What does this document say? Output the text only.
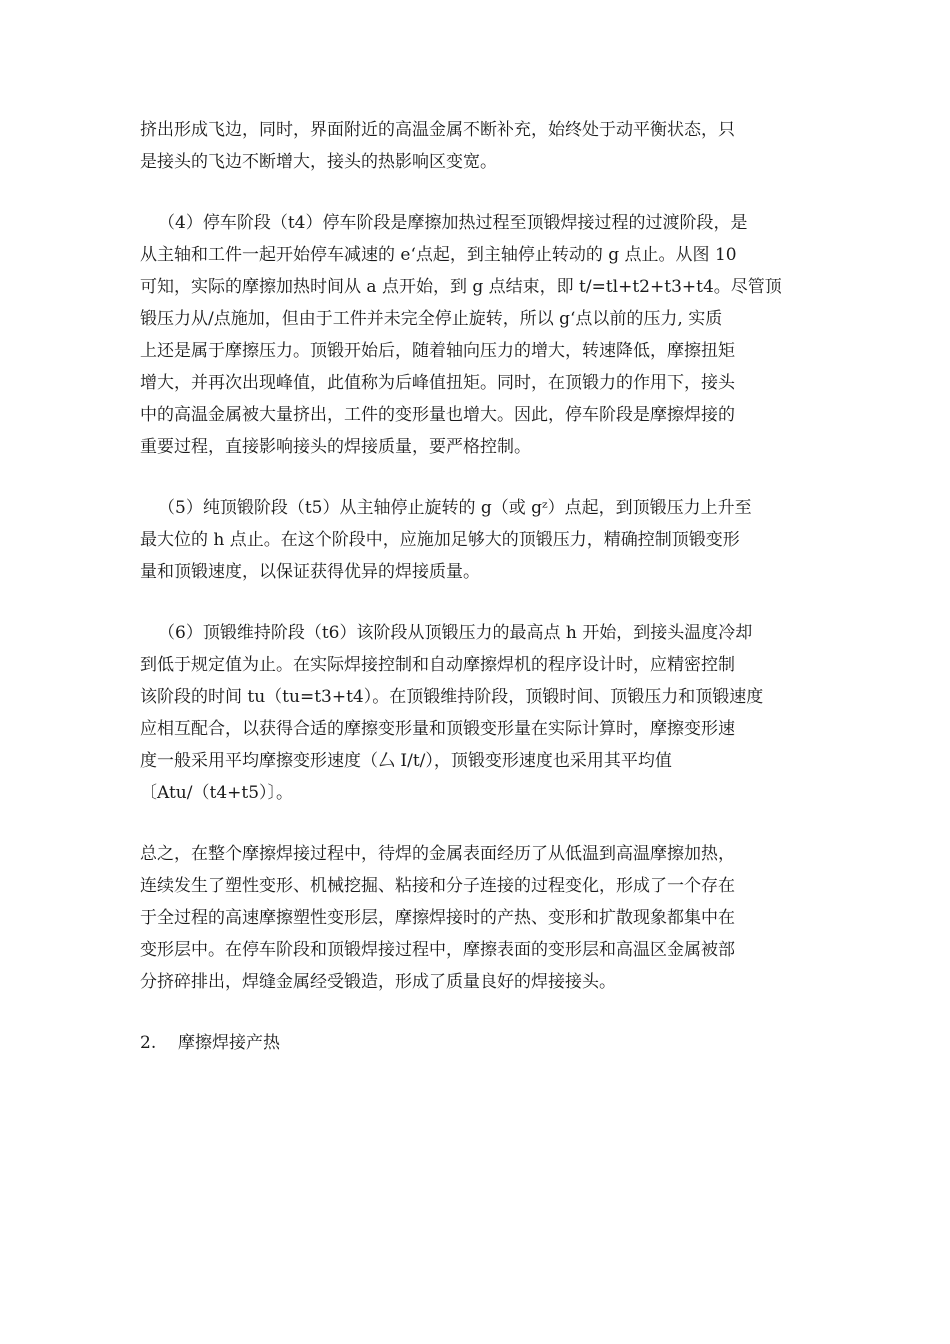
挤出形成飞边，同时，界面附近的高温金属不断补充，始终处于动平衡状态，只
是接头的飞边不断增大，接头的热影响区变宽。

（4）停车阶段（t4）停车阶段是摩擦加热过程至顶锻焊接过程的过渡阶段，是
从主轴和工件一起开始停车减速的 e‘点起，到主轴停止转动的 g 点止。从图 10
可知，实际的摩擦加热时间从 a 点开始，到 g 点结束，即 t/=tl+t2+t3+t4。尽管顶
锻压力从/点施加，但由于工件并未完全停止旋转，所以 g‘点以前的压力, 实质
上还是属于摩擦压力。顶锻开始后，随着轴向压力的增大，转速降低，摩擦扭矩
增大，并再次出现峰值，此值称为后峰值扭矩。同时，在顶锻力的作用下，接头
中的高温金属被大量挤出，工件的变形量也增大。因此，停车阶段是摩擦焊接的
重要过程，直接影响接头的焊接质量，要严格控制。

（5）纯顶锻阶段（t5）从主轴停止旋转的 g（或 gᶻ）点起，到顶锻压力上升至
最大位的 h 点止。在这个阶段中，应施加足够大的顶锻压力，精确控制顶锻变形
量和顶锻速度，以保证获得优异的焊接质量。

（6）顶锻维持阶段（t6）该阶段从顶锻压力的最高点 h 开始，到接头温度冷却
到低于规定值为止。在实际焊接控制和自动摩擦焊机的程序设计时，应精密控制
该阶段的时间 tu（tu=t3+t4）。在顶锻维持阶段，顶锻时间、顶锻压力和顶锻速度
应相互配合，以获得合适的摩擦变形量和顶锻变形量在实际计算时，摩擦变形速
度一般采用平均摩擦变形速度（厶 I/t/），顶锻变形速度也采用其平均值
〔Atu/（t4+t5）〕。

总之，在整个摩擦焊接过程中，待焊的金属表面经历了从低温到高温摩擦加热，
连续发生了塑性变形、机械挖掘、粘接和分子连接的过程变化，形成了一个存在
于全过程的高速摩擦塑性变形层，摩擦焊接时的产热、变形和扩散现象都集中在
变形层中。在停车阶段和顶锻焊接过程中，摩擦表面的变形层和高温区金属被部
分挤碎排出，焊缝金属经受锻造，形成了质量良好的焊接接头。

2. 摩擦焊接产热
